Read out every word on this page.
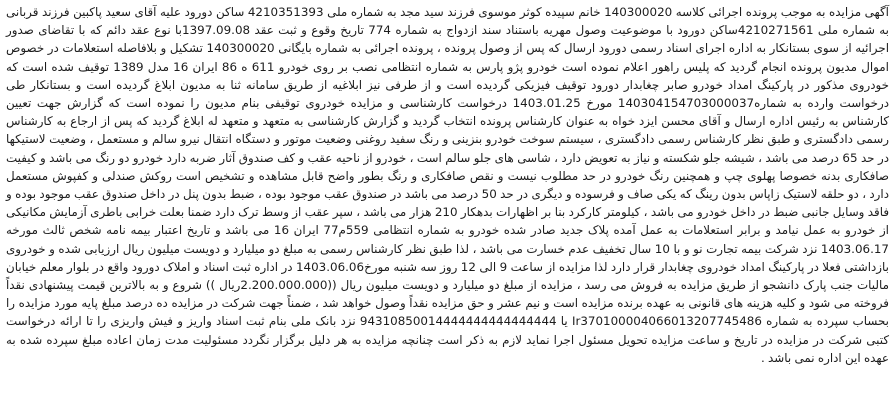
آگهی مزایده به موجب پرونده اجرائی کلاسه 140300020 خانم سپیده کوثر موسوی فرزند سید مجد به شماره ملی 4210351393 ساکن دورود علیه آقای سعید پاکبین فرزند قربانی به شماره ملی 4210271561ساکن دورود با موضوعیت وصول مهریه باستناد سند ازدواج به شماره 774 تاریخ وقوع و ثبت عقد 1397.09.08با نوع عقد دائم که با تقاضای صدور اجرائیه از سوی بستانکار به اداره اجرای اسناد رسمی دورود ارسال که پس از وصول پرونده ، پرونده اجرائی به شماره بایگانی 140300020 تشکیل و بلافاصله استعلامات در خصوص اموال مدیون پرونده انجام گردید که پلیس راهور اعلام نموده است خودرو پژو پارس به شماره انتظامی نصب بر روی خودرو 611 ه 86 ایران 16 مدل 1389 توقیف شده است که خودروی مذکور در پارکینگ امداد خودرو صابر چغابدار دورود توقیف فیزیکی گردیده است و از طرفی نیز ابلاغیه از طریق سامانه ثنا به مدیون ابلاغ گردیده است و بستانکار طی درخواست وارده به شماره140304154703000037 مورخ 1403.01.25 درخواست کارشناسی و مزایده خودروی توقیفی بنام مدیون را نموده است که گزارش جهت تعیین کارشناس به رئیس اداره ارسال و آقای محسن ایزد خواه به عنوان کارشناس پرونده انتخاب گردید و گزارش کارشناسی به متعهد و متعهد له ابلاغ گردید که پس از ارجاع به کارشناس رسمی دادگستری و طبق نظر کارشناس رسمی دادگستری ، سیستم سوخت خودرو بنزینی و رنگ سفید روغنی وضعیت موتور و دستگاه انتقال نیرو سالم و مستعمل ، وضعیت لاستیکها در حد 65 درصد می باشد ، شیشه جلو شکسته و نیاز به تعویض دارد ، شاسی های جلو سالم است ، خودرو از ناحیه عقب و کف صندوق آثار ضربه دارد خودرو دو رنگ می باشد و کیفیت صافکاری بدنه خصوصا پهلوی چپ و همچنین رنگ خودرو در حد مطلوب نیست و نقص صافکاری و رنگ بطور واضح قابل مشاهده و تشخیص است روکش صندلی و کفپوش مستعمل دارد ، دو حلقه لاستیک زاپاس بدون رینگ که یکی صاف و فرسوده و دیگری در حد 50 درصد می باشد در صندوق عقب موجود بوده ، ضبط بدون پنل در داخل صندوق عقب موجود بوده و فاقد وسایل جانبی ضبط در داخل خودرو می باشد ، کیلومتر کارکرد بنا بر اظهارات بدهکار 210 هزار می باشد ، سپر عقب از وسط ترک دارد ضمنا بعلت خرابی باطری آزمایش مکانیکی از خودرو به عمل نیامد و برابر استعلامات به عمل آمده پلاک جدید صادر شده خودرو به شماره انتظامی 559م77 ایران 16 می باشد و تاریخ اعتبار بیمه نامه شخص ثالث مورخه 1403.06.17 نزد شرکت بیمه تجارت نو و با 10 سال تخفیف عدم خسارت می باشد ، لذا طبق نظر کارشناس رسمی به مبلغ دو میلیارد و دویست میلیون ریال ارزیابی شده و خودروی بازداشتی فعلا در پارکینگ امداد خودروی چغابدار قرار دارد لذا مزایده از ساعت 9 الی 12 روز سه شنبه مورخ1403.06.06 در اداره ثبت اسناد و املاک دورود واقع در بلوار معلم خیابان مالیات جنب پارک دانشجو از طریق مزایده به فروش می رسد ، مزایده از مبلغ دو میلیارد و دویست میلیون ریال ((2.200.000.000ریال )) شروع و به بالاترین قیمت پیشنهادی نقداً فروخته می شود و کلیه هزینه های قانونی به عهده برنده مزایده است و نیم عشر و حق مزایده نقداً وصول خواهد شد ، ضمناً جهت شرکت در مزایده ده درصد مبلغ پایه مورد مزایده را بحساب سپرده به شماره Ir370100004066013207745486 یا 94310850014444444444444444 نزد بانک ملی بنام ثبت اسناد واریز و فیش واریزی را تا ارائه درخواست کتبی شرکت در مزایده در تاریخ و ساعت مزایده تحویل مسئول اجرا نماید لازم به ذکر است چنانچه مزایده به هر دلیل برگزار نگردد مسئولیت مدت زمان اعاده مبلغ سپرده شده به عهده این اداره نمی باشد .
